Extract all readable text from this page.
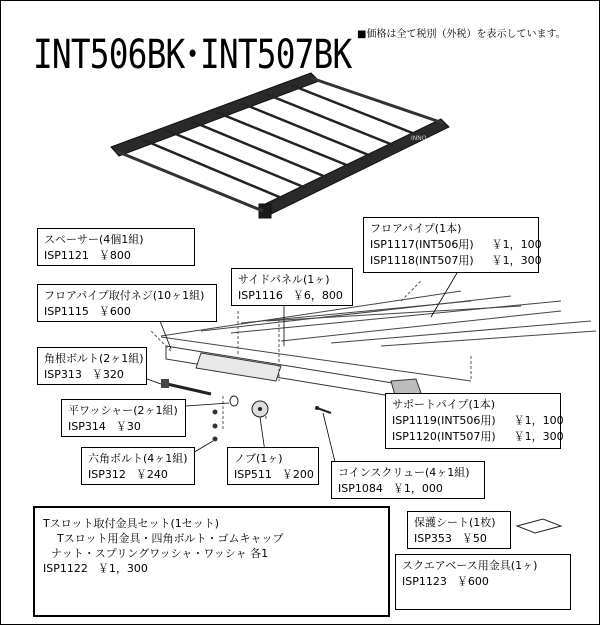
INT506BK･INT507BK ■価格は全て税別（外税）を表示しています。
INNO
スペーサー(4個1組)
ISP1121 ￥800
フロアパイプ(1本)
ISP1117(INT506用) ￥1，100
ISP1118(INT507用) ￥1，300
サイドパネル(1ヶ)
ISP1116 ￥6，800
フロアパイプ取付ネジ(10ヶ1組)
ISP1115 ￥600
角根ボルト(2ヶ1組)
ISP313 ￥320
平ワッシャー(2ヶ1組)
ISP314 ￥30
サポートパイプ(1本)
ISP1119(INT506用) ￥1，100
ISP1120(INT507用) ￥1，300
六角ボルト(4ヶ1組)
ISP312 ￥240
ノブ(1ヶ)
ISP511 ￥200 コインスクリュー(4ヶ1組)
ISP1084 ￥1，000
Tスロット取付金具セット(1セット)
Tスロット用金具・四角ボルト・ゴムキャップ
ナット・スプリングワッシャ・ワッシャ 各1
ISP1122 ￥1，300
保護シート(1枚)
ISP353 ￥50
スクエアベース用金具(1ヶ)
ISP1123 ￥600
